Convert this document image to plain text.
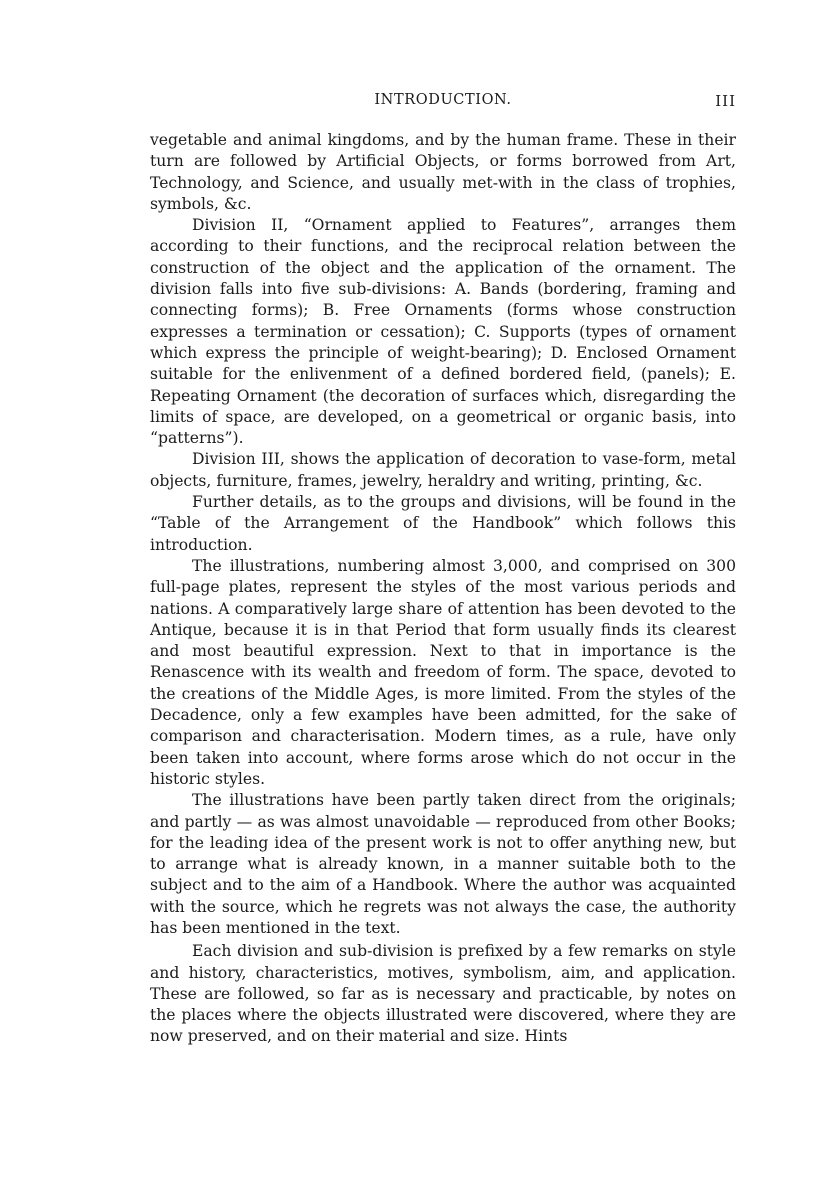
INTRODUCTION.	III

vegetable and animal kingdoms, and by the human frame. These in their turn are followed by Artificial Objects, or forms borrowed from Art, Technology, and Science, and usually met-with in the class of trophies, symbols, &c.

Division II, “Ornament applied to Features”, arranges them according to their functions, and the reciprocal relation between the construction of the object and the application of the ornament. The division falls into five sub-divisions: A. Bands (bordering, framing and connecting forms); B. Free Ornaments (forms whose construction expresses a termination or cessation); C. Supports (types of ornament which express the principle of weight-bearing); D. Enclosed Ornament suitable for the enlivenment of a defined bordered field, (panels); E. Repeating Ornament (the decoration of surfaces which, disregarding the limits of space, are developed, on a geometrical or organic basis, into “patterns”).

Division III, shows the application of decoration to vase-form, metal objects, furniture, frames, jewelry, heraldry and writing, printing, &c.

Further details, as to the groups and divisions, will be found in the “Table of the Arrangement of the Handbook” which follows this introduction.

The illustrations, numbering almost 3,000, and comprised on 300 full-page plates, represent the styles of the most various periods and nations. A comparatively large share of attention has been devoted to the Antique, because it is in that Period that form usually finds its clearest and most beautiful expression. Next to that in importance is the Renascence with its wealth and freedom of form. The space, devoted to the creations of the Middle Ages, is more limited. From the styles of the Decadence, only a few examples have been admitted, for the sake of comparison and characterisation. Modern times, as a rule, have only been taken into account, where forms arose which do not occur in the historic styles.

The illustrations have been partly taken direct from the originals; and partly — as was almost unavoidable — reproduced from other Books; for the leading idea of the present work is not to offer anything new, but to arrange what is already known, in a manner suitable both to the subject and to the aim of a Handbook. Where the author was acquainted with the source, which he regrets was not always the case, the authority has been mentioned in the text.

Each division and sub-division is prefixed by a few remarks on style and history, characteristics, motives, symbolism, aim, and application. These are followed, so far as is necessary and practicable, by notes on the places where the objects illustrated were discovered, where they are now preserved, and on their material and size. Hints
